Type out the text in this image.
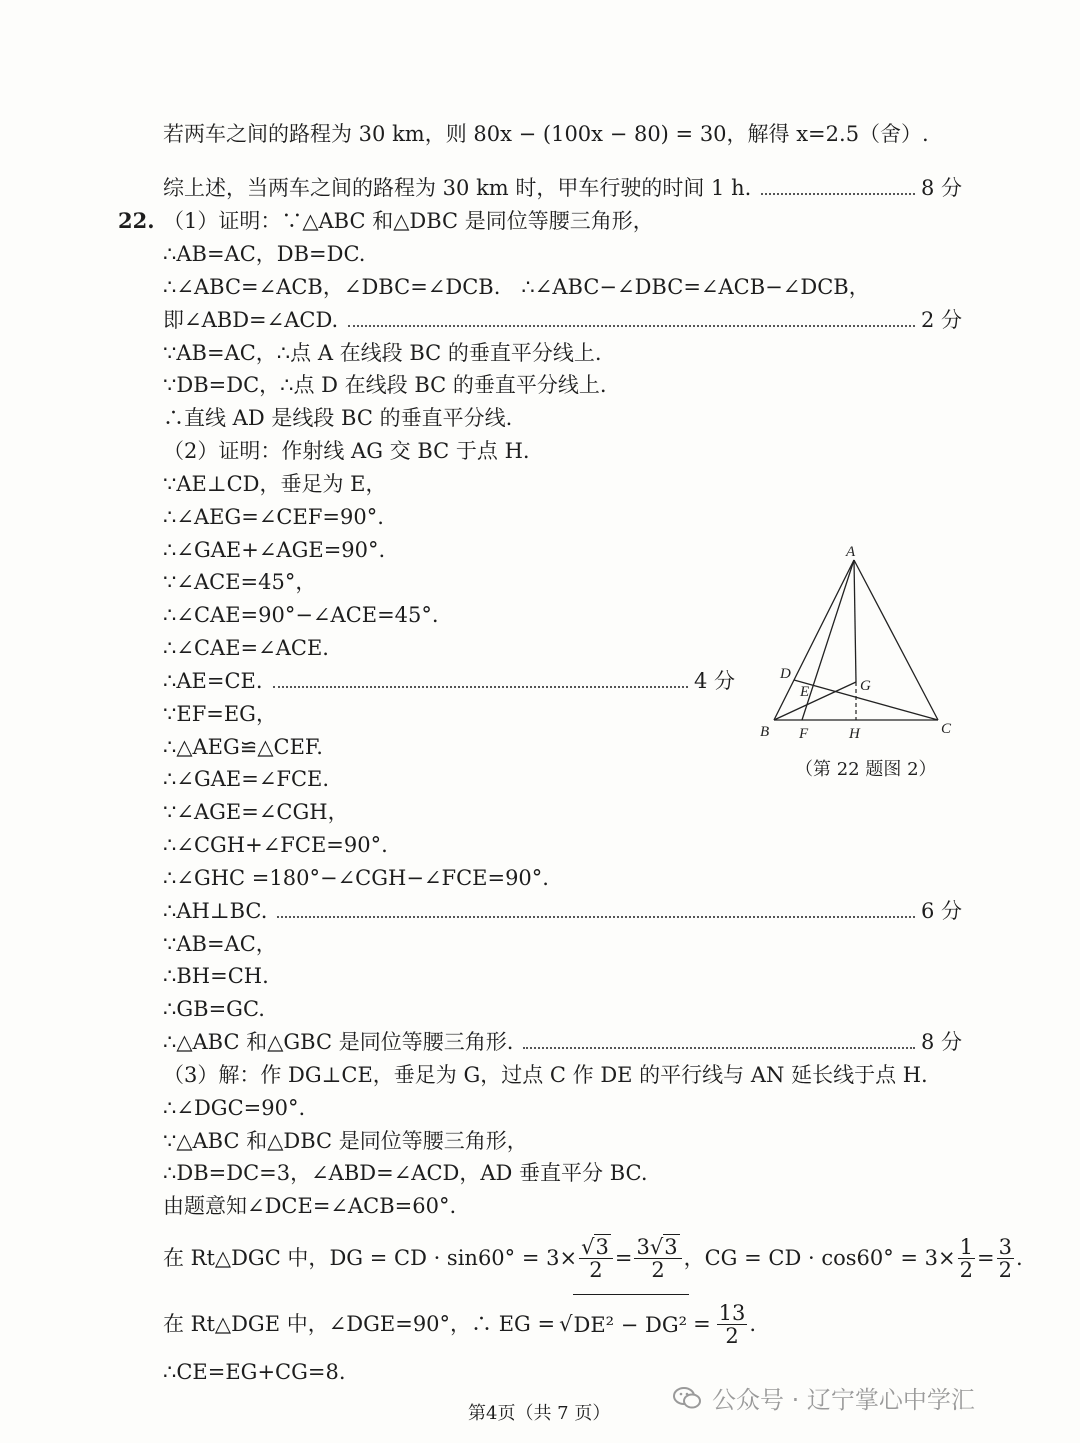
若两车之间的路程为 30 km，则 80x − (100x − 80) = 30，解得 x=2.5（舍）.
综上述，当两车之间的路程为 30 km 时，甲车行驶的时间 1 h.	8 分
22. （1）证明：∵△ABC 和△DBC 是同位等腰三角形，
∴AB=AC，DB=DC.
∴∠ABC=∠ACB，∠DBC=∠DCB.　∴∠ABC−∠DBC=∠ACB−∠DCB，
即∠ABD=∠ACD.	2 分
∵AB=AC，∴点 A 在线段 BC 的垂直平分线上.
∵DB=DC，∴点 D 在线段 BC 的垂直平分线上.
∴直线 AD 是线段 BC 的垂直平分线.
（2）证明：作射线 AG 交 BC 于点 H.
∵AE⊥CD，垂足为 E，
∴∠AEG=∠CEF=90°.
∴∠GAE+∠AGE=90°.
∵∠ACE=45°，
∴∠CAE=90°−∠ACE=45°.
∴∠CAE=∠ACE.
∴AE=CE.	4 分
∵EF=EG，
∴△AEG≌△CEF.
∴∠GAE=∠FCE.
∵∠AGE=∠CGH，
∴∠CGH+∠FCE=90°.
∴∠GHC =180°−∠CGH−∠FCE=90°.
∴AH⊥BC.	6 分
∵AB=AC，
∴BH=CH.
∴GB=GC.
∴△ABC 和△GBC 是同位等腰三角形.	8 分
（3）解：作 DG⊥CE，垂足为 G，过点 C 作 DE 的平行线与 AN 延长线于点 H.
∴∠DGC=90°.
∵△ABC 和△DBC 是同位等腰三角形，
∴DB=DC=3，∠ABD=∠ACD，AD 垂直平分 BC.
由题意知∠DCE=∠ACB=60°.
在 Rt△DGC 中， DG = CD · $\sin 60^\circ = 3\times \frac{√3}{2} = \frac{3√3}{2}$ ，CG = CD · $\cos 60^\circ = 3\times \frac{1}{2} = \frac{3}{2}$ .
在 Rt△DGE 中，∠DGE=90°，∴ EG = √ $DE^2 - DG^2 = \frac{13}{2}$ .
∴CE=EG+CG=8.
A
B	C
D
E
F
G
H
（第 22 题图 2）
第4页（共 7 页）	公众号 · 辽宁掌心中学汇
